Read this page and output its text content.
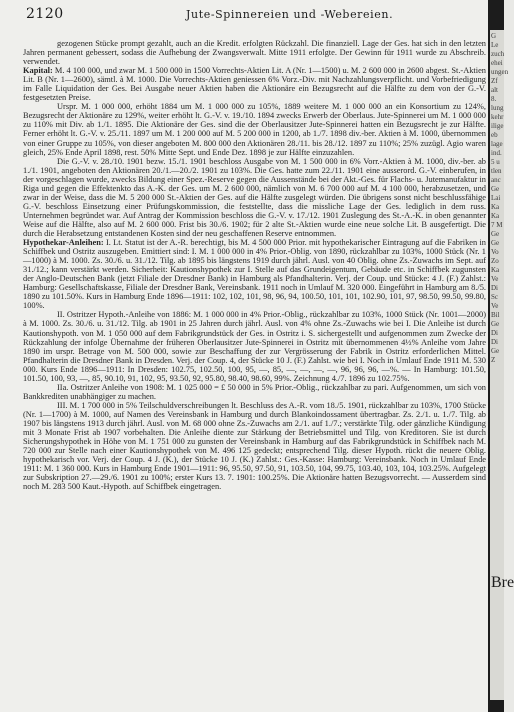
2120	Jute-Spinnereien und -Webereien.

gezogenen Stücke prompt gezahlt, auch an die Kredit. erfolgten Rückzahl. Die finanziell. Lage der Ges. hat sich in den letzten Jahren permanent gebessert, sodass die Aufhebung der Zwangsverwalt. Mitte 1911 erfolgte. Der Gewinn für 1911 wurde zu Abschreib. verwendet.

Kapital: M. 4 100 000, und zwar M. 1 500 000 in 1500 Vorrechts-Aktien Lit. A (Nr. 1—1500) u. M. 2 600 000 in 2600 abgest. St.-Aktien Lit. B (Nr. 1—2600), sämtl. à M. 1000. Die Vorrechts-Aktien geniessen 6% Vorz.-Div. mit Nachzahlungsverpflicht. und Vorbefriedigung im Falle Liquidation der Ges. Bei Ausgabe neuer Aktien haben die Aktionäre ein Bezugsrecht auf die Hälfte zu dem von der G.-V. festgesetzten Preise.

Urspr. M. 1 000 000, erhöht 1884 um M. 1 000 000 zu 105%, 1889 weitere M. 1 000 000 an ein Konsortium zu 124%, Bezugsrecht der Aktionäre zu 129%, weiter erhöht lt. G.-V. v. 19./10. 1894 zwecks Erwerb der Oberlaus. Jute-Spinnerei um M. 1 000 000 zu 110% mit Div. ab 1./1. 1895. Die Aktionäre der Ges. sind die der Oberlausitzer Jute-Spinnerei hatten ein Bezugsrecht je zur Hälfte. Ferner erhöht lt. G.-V. v. 25./11. 1897 um M. 1 200 000 auf M. 5 200 000 in 1200, ab 1./7. 1898 div.-ber. Aktien à M. 1000, übernommen von einer Gruppe zu 105%, von dieser angeboten M. 800 000 den Aktionären 28./11. bis 28./12. 1897 zu 110%; 25% zuzügl. Agio waren gleich, 25% Ende April 1898, rest. 50% Mitte Sept. und Ende Dez. 1898 je zur Hälfte einzuzahlen.

Die G.-V. v. 28./10. 1901 bezw. 15./1. 1901 beschloss Ausgabe von M. 1 500 000 in 6% Vorr.-Aktien à M. 1000, div.-ber. ab 1./1. 1901, angeboten den Aktionären 20./1.—20./2. 1901 zu 103%. Die Ges. hatte zum 22./11. 1901 eine ausserord. G.-V. einberufen, in der vorgeschlagen wurde, zwecks Bildung einer Spez.-Reserve gegen die Aussenstände bei der Akt.-Ges. für Flachs- u. Jutemanufaktur in Riga und gegen die Effektenkto das A.-K. der Ges. um M. 2 600 000, nämlich von M. 6 700 000 auf M. 4 100 000, herabzusetzen, und zwar in der Weise, dass die M. 5 200 000 St.-Aktien der Ges. auf die Hälfte zusgelegt würden. Die übrigens sonst nicht beschlussfähige G.-V. beschloss Einsetzung einer Prüfungskommission, die feststellte, dass die missliche Lage der Ges. lediglich in dem russ. Unternehmen begründet war. Auf Antrag der Kommission beschloss die G.-V. v. 17./12. 1901 Zuslegung des St.-A.-K. in oben genannter Weise auf die Hälfte, also auf M. 2 600 000. Frist bis 30./6. 1902; für 2 alte St.-Aktien wurde eine neue solche Lit. B ausgefertigt. Die durch die Herabsetzung entstandenen Kosten sind der neu geschaffenen Reserve entnommen.

Hypothekar-Anleihen: I. Lt. Statut ist der A.-R. berechtigt, bis M. 4 500 000 Prior. mit hypothekarischer Eintragung auf die Fabriken in Schiffbek und Ostritz auszugeben. Emittiert sind: I. M. 1 000 000 in 4% Prior.-Oblig. von 1890, rückzahlbar zu 103%, 1000 Stück (Nr. 1—1000) à M. 1000. Zs. 30./6. u. 31./12. Tilg. ab 1895 bis längstens 1919 durch jährl. Ausl. von 40 Oblig. ohne Zs.-Zuwachs im Sept. auf 31./12.; kann verstärkt werden. Sicherheit: Kautionshypothek zur I. Stelle auf das Grundeigentum, Gebäude etc. in Schiffbek zugunsten der Anglo-Deutschen Bank (jetzt Filiale der Dresdner Bank) in Hamburg als Pfandhalterin. Verj. der Coup. und Stücke: 4 J. (F.) Zahlst.: Hamburg: Gesellschaftskasse, Filiale der Dresdner Bank, Vereinsbank. 1911 noch in Umlauf M. 320 000. Eingeführt in Hamburg am 8./5. 1890 zu 101.50%. Kurs in Hamburg Ende 1896—1911: 102, 102, 101, 98, 96, 94, 100.50, 101, 101, 102.90, 101, 97, 98.50, 99.50, 99.80, 100%.

II. Ostritzer Hypoth.-Anleihe von 1886: M. 1 000 000 in 4% Prior.-Oblig., rückzahlbar zu 103%, 1000 Stück (Nr. 1001—2000) à M. 1000. Zs. 30./6. u. 31./12. Tilg. ab 1901 in 25 Jahren durch jährl. Ausl. von 4% ohne Zs.-Zuwachs wie bei I. Die Anleihe ist durch Kautionshypoth. von M. 1 050 000 auf dem Fabrikgrundstück der Ges. in Ostritz i. S. sichergestellt und aufgenommen zum Zwecke der Rückzahlung der infolge Übernahme der früheren Oberlausitzer Jute-Spinnerei in Ostritz mit übernommenen 4½% Anleihe vom Jahre 1890 im urspr. Betrage von M. 500 000, sowie zur Beschaffung der zur Vergrösserung der Fabrik in Ostritz erforderlichen Mittel. Pfandhalterin die Dresdner Bank in Dresden. Verj. der Coup. 4, der Stücke 10 J. (F.) Zahlst. wie bei I. Noch in Umlauf Ende 1911 M. 530 000. Kurs Ende 1896—1911: In Dresden: 102.75, 102.50, 100, 95, —, 85, —, —, —, —, 96, 96, 96, —%. — In Hamburg: 101.50, 101.50, 100, 93, —, 85, 90.10, 91, 102, 95, 93.50, 92, 95.80, 98.40, 98.60, 99%. Zeichnung 4./7. 1896 zu 102.75%.

IIa. Ostritzer Anleihe von 1908: M. 1 025 000 = £ 50 000 in 5% Prior.-Oblig., rückzahlbar zu pari. Aufgenommen, um sich von Bankkrediten unabhängiger zu machen.

III. M. 1 700 000 in 5% Teilschuldverschreibungen lt. Beschluss des A.-R. vom 18./5. 1901, rückzahlbar zu 103%, 1700 Stücke (Nr. 1—1700) à M. 1000, auf Namen des Vereinsbank in Hamburg und durch Blankoindossament übertragbar. Zs. 2./1. u. 1./7. Tilg. ab 1907 bis längstens 1913 durch jährl. Ausl. von M. 68 000 ohne Zs.-Zuwachs am 2./1. auf 1./7.; verstärkte Tilg. oder gänzliche Kündigung mit 3 Monate Frist ab 1907 vorbehalten. Die Anleihe diente zur Stärkung der Betriebsmittel und Tilg. von Kreditoren. Sie ist durch Sicherungshypothek in Höhe von M. 1 751 000 zu gunsten der Vereinsbank in Hamburg auf das Fabrikgrundstück in Schiffbek nach M. 720 000 zur Stelle nach einer Kautionshypothek von M. 496 125 gedeckt; entsprechend Tilg. dieser Hypoth. rückt die neuere Oblig. hypothekarisch vor. Verj. der Coup. 4 J. (K.), der Stücke 10 J. (K.) Zahlst.: Ges.-Kasse: Hamburg: Vereinsbank. Noch in Umlauf Ende 1911: M. 1 360 000. Kurs in Hamburg Ende 1901—1911: 96, 95.50, 97.50, 91, 103.50, 104, 99.75, 103.40, 103, 104, 103.25%. Aufgelegt zur Subskription 27.—29./6. 1901 zu 100%; erster Kurs 13. 7. 1901: 100.25%. Die Aktionäre hatten Bezugsvorrecht. — Ausserdem sind noch M. 283 500 Kaut.-Hypoth. auf Schiffbek eingetragen.

G
Le
zuch
ehei
ungen
Zf
alt
8.
lung
kehr
ilige
eb
lage
ind.
5 u
tlen
anc
Ge
Lai
Ka
Ka
7 M
Ge
Ge
Vo
Zo
Ka
Ve
Di
Sc
Ve
Bil
Ge
Di
Di
Ge
Z
Bre
